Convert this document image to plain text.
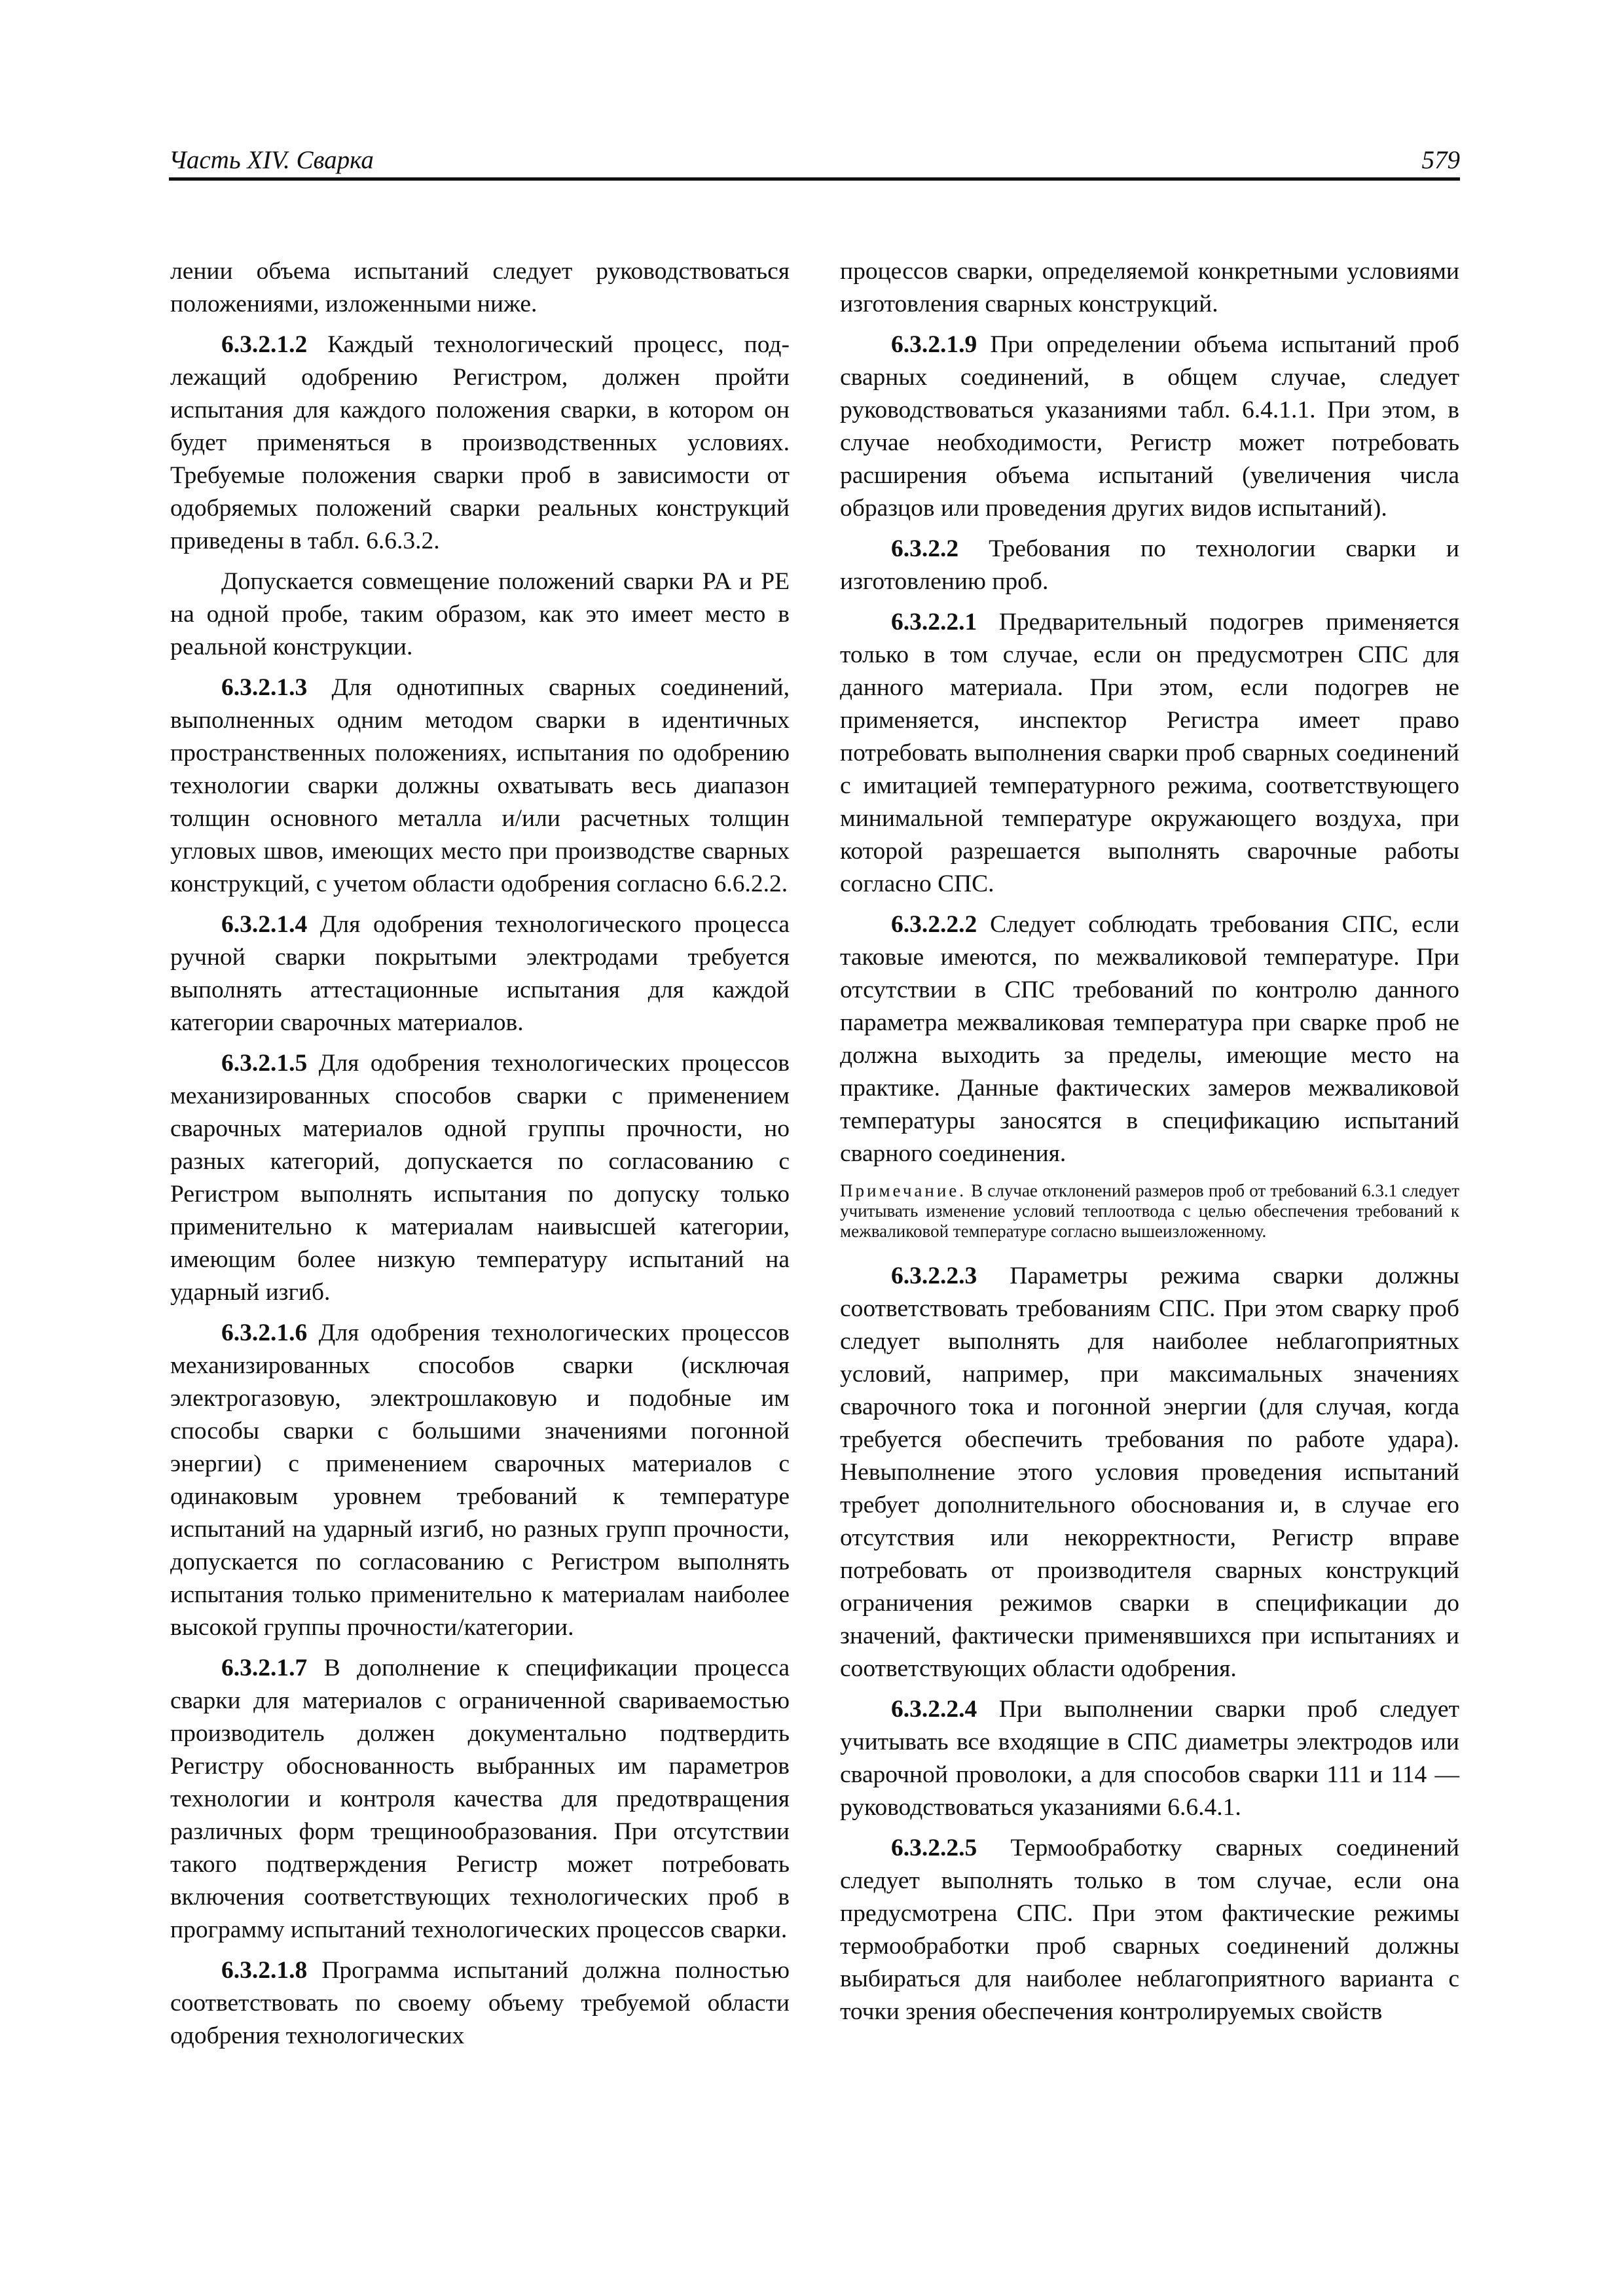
Часть XIV. Сварка	579

лении объема испытаний следует руководствоваться положениями, изложенными ниже.

6.3.2.1.2 Каждый технологический процесс, подлежащий одобрению Регистром, должен пройти испытания для каждого положения сварки, в котором он будет применяться в производственных условиях. Требуемые положения сварки проб в зависимости от одобряемых положений сварки реальных конструкций приведены в табл. 6.6.3.2.

Допускается совмещение положений сварки PA и PE на одной пробе, таким образом, как это имеет место в реальной конструкции.

6.3.2.1.3 Для однотипных сварных соединений, выполненных одним методом сварки в идентичных пространственных положениях, испытания по одобрению технологии сварки должны охватывать весь диапазон толщин основного металла и/или расчетных толщин угловых швов, имеющих место при производстве сварных конструкций, с учетом области одобрения согласно 6.6.2.2.

6.3.2.1.4 Для одобрения технологического процесса ручной сварки покрытыми электродами требуется выполнять аттестационные испытания для каждой категории сварочных материалов.

6.3.2.1.5 Для одобрения технологических процессов механизированных способов сварки с применением сварочных материалов одной группы прочности, но разных категорий, допускается по согласованию с Регистром выполнять испытания по допуску только применительно к материалам наивысшей категории, имеющим более низкую температуру испытаний на ударный изгиб.

6.3.2.1.6 Для одобрения технологических процессов механизированных способов сварки (исключая электрогазовую, электрошлаковую и подобные им способы сварки с большими значениями погонной энергии) с применением сварочных материалов с одинаковым уровнем требований к температуре испытаний на ударный изгиб, но разных групп прочности, допускается по согласованию с Регистром выполнять испытания только применительно к материалам наиболее высокой группы прочности/категории.

6.3.2.1.7 В дополнение к спецификации процесса сварки для материалов с ограниченной свариваемостью производитель должен документально подтвердить Регистру обоснованность выбранных им параметров технологии и контроля качества для предотвращения различных форм трещинообразования. При отсутствии такого подтверждения Регистр может потребовать включения соответствующих технологических проб в программу испытаний технологических процессов сварки.

6.3.2.1.8 Программа испытаний должна полностью соответствовать по своему объему требуемой области одобрения технологических

процессов сварки, определяемой конкретными условиями изготовления сварных конструкций.

6.3.2.1.9 При определении объема испытаний проб сварных соединений, в общем случае, следует руководствоваться указаниями табл. 6.4.1.1. При этом, в случае необходимости, Регистр может потребовать расширения объема испытаний (увеличения числа образцов или проведения других видов испытаний).

6.3.2.2 Требования по технологии сварки и изготовлению проб.

6.3.2.2.1 Предварительный подогрев применяется только в том случае, если он предусмотрен СПС для данного материала. При этом, если подогрев не применяется, инспектор Регистра имеет право потребовать выполнения сварки проб сварных соединений с имитацией температурного режима, соответствующего минимальной температуре окружающего воздуха, при которой разрешается выполнять сварочные работы согласно СПС.

6.3.2.2.2 Следует соблюдать требования СПС, если таковые имеются, по межваликовой температуре. При отсутствии в СПС требований по контролю данного параметра межваликовая температура при сварке проб не должна выходить за пределы, имеющие место на практике. Данные фактических замеров межваликовой температуры заносятся в спецификацию испытаний сварного соединения.

Примечание. В случае отклонений размеров проб от требований 6.3.1 следует учитывать изменение условий теплоотвода с целью обеспечения требований к межваликовой температуре согласно вышеизложенному.

6.3.2.2.3 Параметры режима сварки должны соответствовать требованиям СПС. При этом сварку проб следует выполнять для наиболее неблагоприятных условий, например, при максимальных значениях сварочного тока и погонной энергии (для случая, когда требуется обеспечить требования по работе удара). Невыполнение этого условия проведения испытаний требует дополнительного обоснования и, в случае его отсутствия или некорректности, Регистр вправе потребовать от производителя сварных конструкций ограничения режимов сварки в спецификации до значений, фактически применявшихся при испытаниях и соответствующих области одобрения.

6.3.2.2.4 При выполнении сварки проб следует учитывать все входящие в СПС диаметры электродов или сварочной проволоки, а для способов сварки 111 и 114 — руководствоваться указаниями 6.6.4.1.

6.3.2.2.5 Термообработку сварных соединений следует выполнять только в том случае, если она предусмотрена СПС. При этом фактические режимы термообработки проб сварных соединений должны выбираться для наиболее неблагоприятного варианта с точки зрения обеспечения контролируемых свойств
